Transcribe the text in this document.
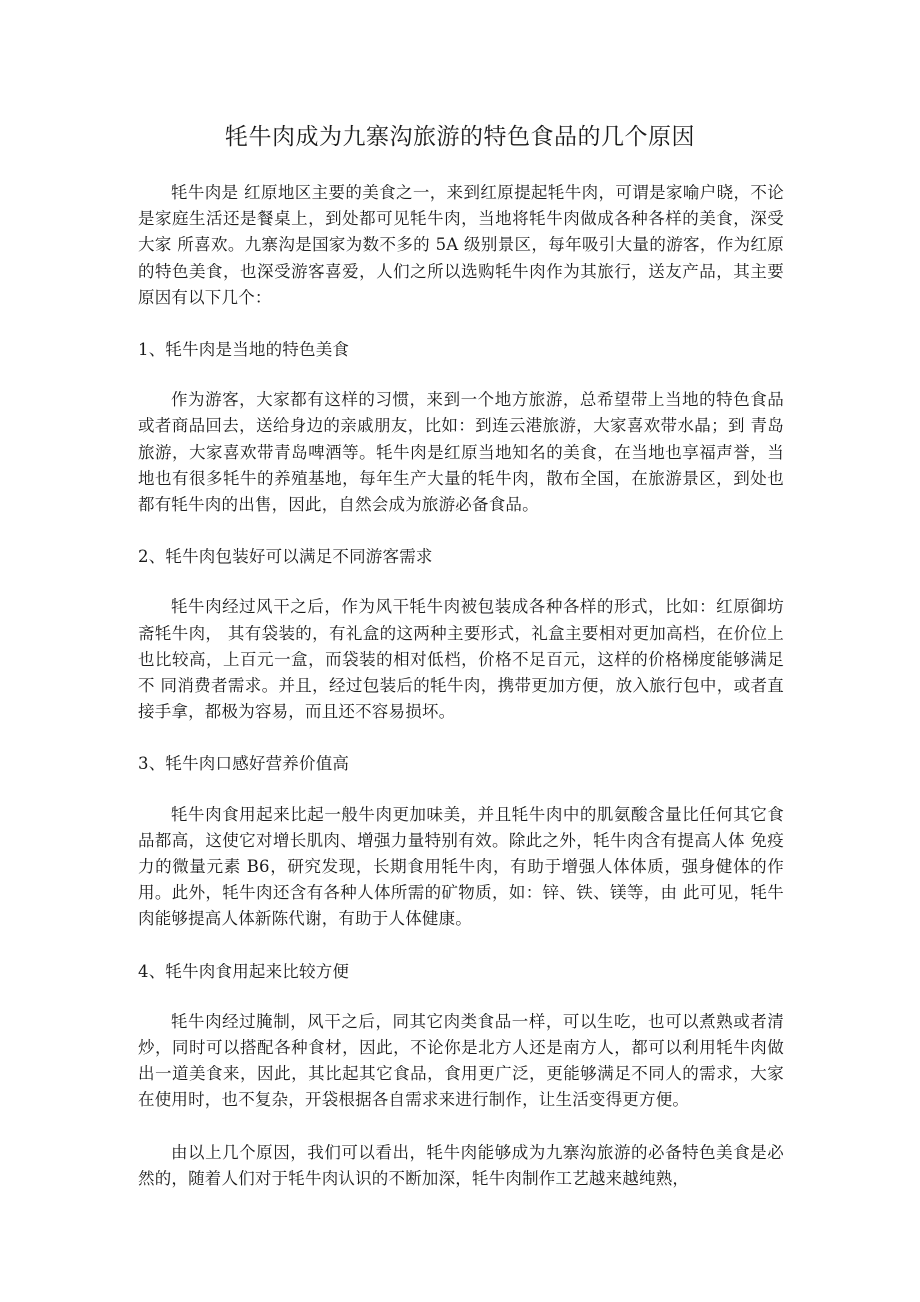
牦牛肉成为九寨沟旅游的特色食品的几个原因

牦牛肉是 红原地区主要的美食之一，来到红原提起牦牛肉，可谓是家喻户晓，不论是家庭生活还是餐桌上，到处都可见牦牛肉，当地将牦牛肉做成各种各样的美食，深受大家 所喜欢。九寨沟是国家为数不多的 5A 级别景区，每年吸引大量的游客，作为红原的特色美食，也深受游客喜爱，人们之所以选购牦牛肉作为其旅行，送友产品，其主要原因有以下几个：

1、牦牛肉是当地的特色美食

作为游客，大家都有这样的习惯，来到一个地方旅游，总希望带上当地的特色食品或者商品回去，送给身边的亲戚朋友，比如：到连云港旅游，大家喜欢带水晶；到 青岛旅游，大家喜欢带青岛啤酒等。牦牛肉是红原当地知名的美食，在当地也享福声誉，当地也有很多牦牛的养殖基地，每年生产大量的牦牛肉，散布全国，在旅游景区，到处也都有牦牛肉的出售，因此，自然会成为旅游必备食品。

2、牦牛肉包装好可以满足不同游客需求

牦牛肉经过风干之后，作为风干牦牛肉被包装成各种各样的形式，比如：红原御坊斋牦牛肉， 其有袋装的，有礼盒的这两种主要形式，礼盒主要相对更加高档，在价位上也比较高，上百元一盒，而袋装的相对低档，价格不足百元，这样的价格梯度能够满足不 同消费者需求。并且，经过包装后的牦牛肉，携带更加方便，放入旅行包中，或者直接手拿，都极为容易，而且还不容易损坏。

3、牦牛肉口感好营养价值高

牦牛肉食用起来比起一般牛肉更加味美，并且牦牛肉中的肌氨酸含量比任何其它食品都高，这使它对增长肌肉、增强力量特别有效。除此之外，牦牛肉含有提高人体 免疫力的微量元素 B6，研究发现，长期食用牦牛肉，有助于增强人体体质，强身健体的作用。此外，牦牛肉还含有各种人体所需的矿物质，如：锌、铁、镁等，由 此可见，牦牛肉能够提高人体新陈代谢，有助于人体健康。

4、牦牛肉食用起来比较方便

牦牛肉经过腌制，风干之后，同其它肉类食品一样，可以生吃，也可以煮熟或者清炒，同时可以搭配各种食材，因此，不论你是北方人还是南方人，都可以利用牦牛肉做出一道美食来，因此，其比起其它食品，食用更广泛，更能够满足不同人的需求，大家在使用时，也不复杂，开袋根据各自需求来进行制作，让生活变得更方便。

由以上几个原因，我们可以看出，牦牛肉能够成为九寨沟旅游的必备特色美食是必然的，随着人们对于牦牛肉认识的不断加深，牦牛肉制作工艺越来越纯熟，
